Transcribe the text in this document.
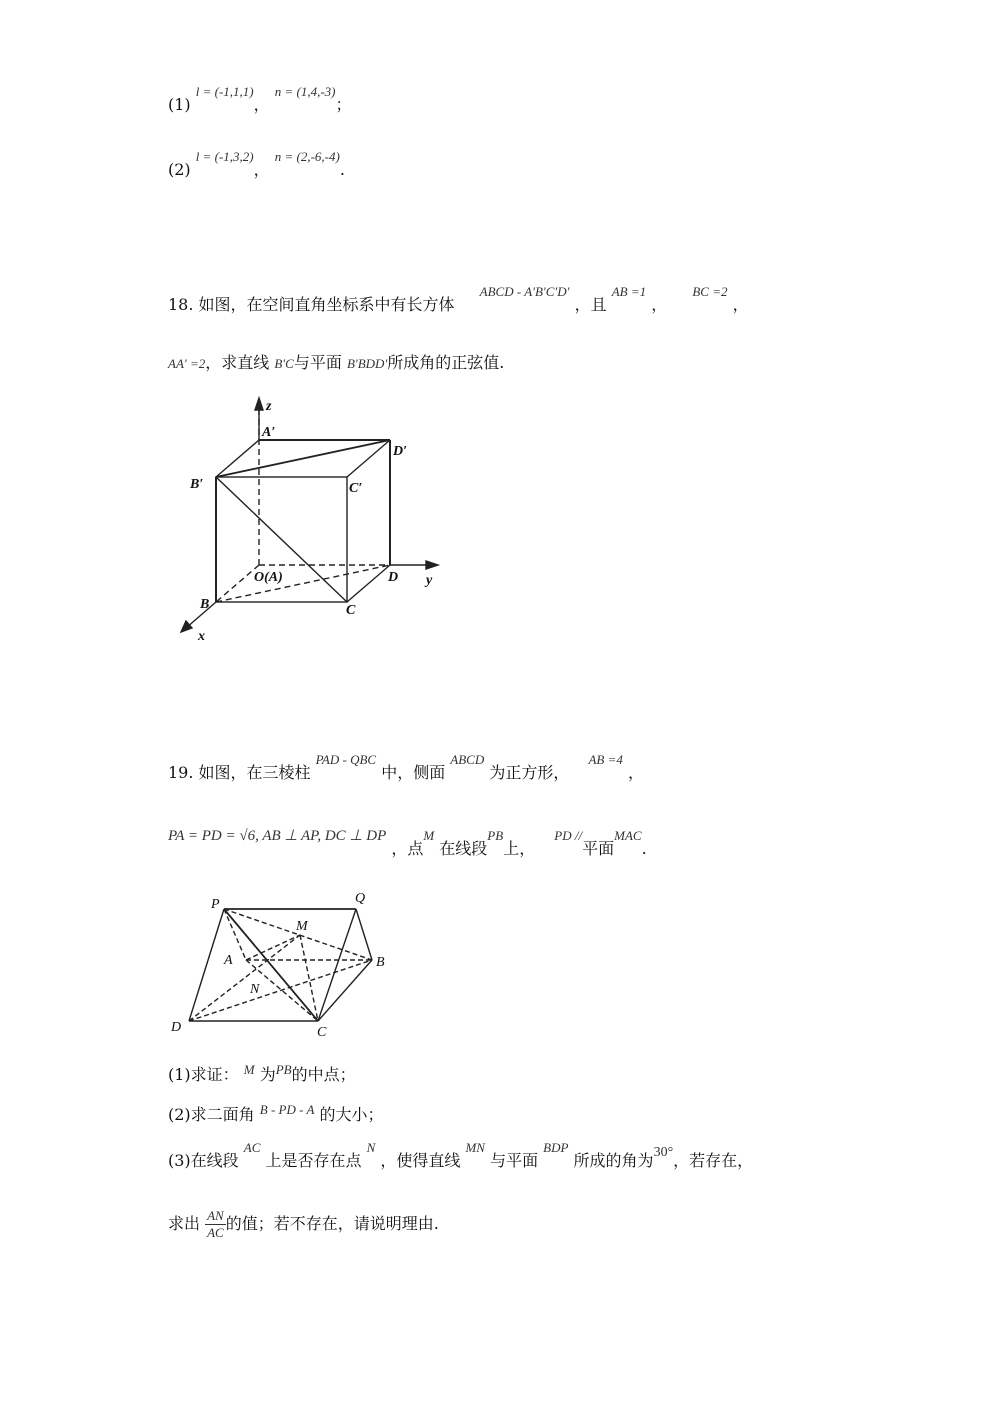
(1) $^{l = (-1,1,1)}$， $^{n = (1,4,-3)}$；
(2) $^{l = (-1,3,2)}$， $^{n = (2,-6,-4)}$.
18. 如图，在空间直角坐标系中有长方体 $^{ABCD - A'B'C'D'}$ ，且 $^{AB =1}$ ， $^{BC =2}$ ，
AA′ =2，求直线 B′C与平面 B′BDD′所成角的正弦值.
z
A′
D′
B′	C′
O(A)	D y
B	C
x
P	Q
M
A	B
N
D	C
19. 如图，在三棱柱 $^{PAD - QBC}$ 中，侧面 $^{ABCD}$ 为正方形， $^{AB =4}$ ，
PA = PD = √6, AB ⊥ AP, DC ⊥ DP ，点$^M$ 在线段$^{PB}$上， $^{PD //}$平面$^{MAC}$.
(1)求证： $^M$ 为$^{PB}$的中点；
(2)求二面角 $^{B - PD - A}$ 的大小；
(3)在线段 $^{AC}$ 上是否存在点 $^N$ ，使得直线 $^{MN}$ 与平面 $^{BDP}$ 所成的角为30°，若存在，
求出 $\frac{AN}{AC}$ 的值；若不存在，请说明理由.
